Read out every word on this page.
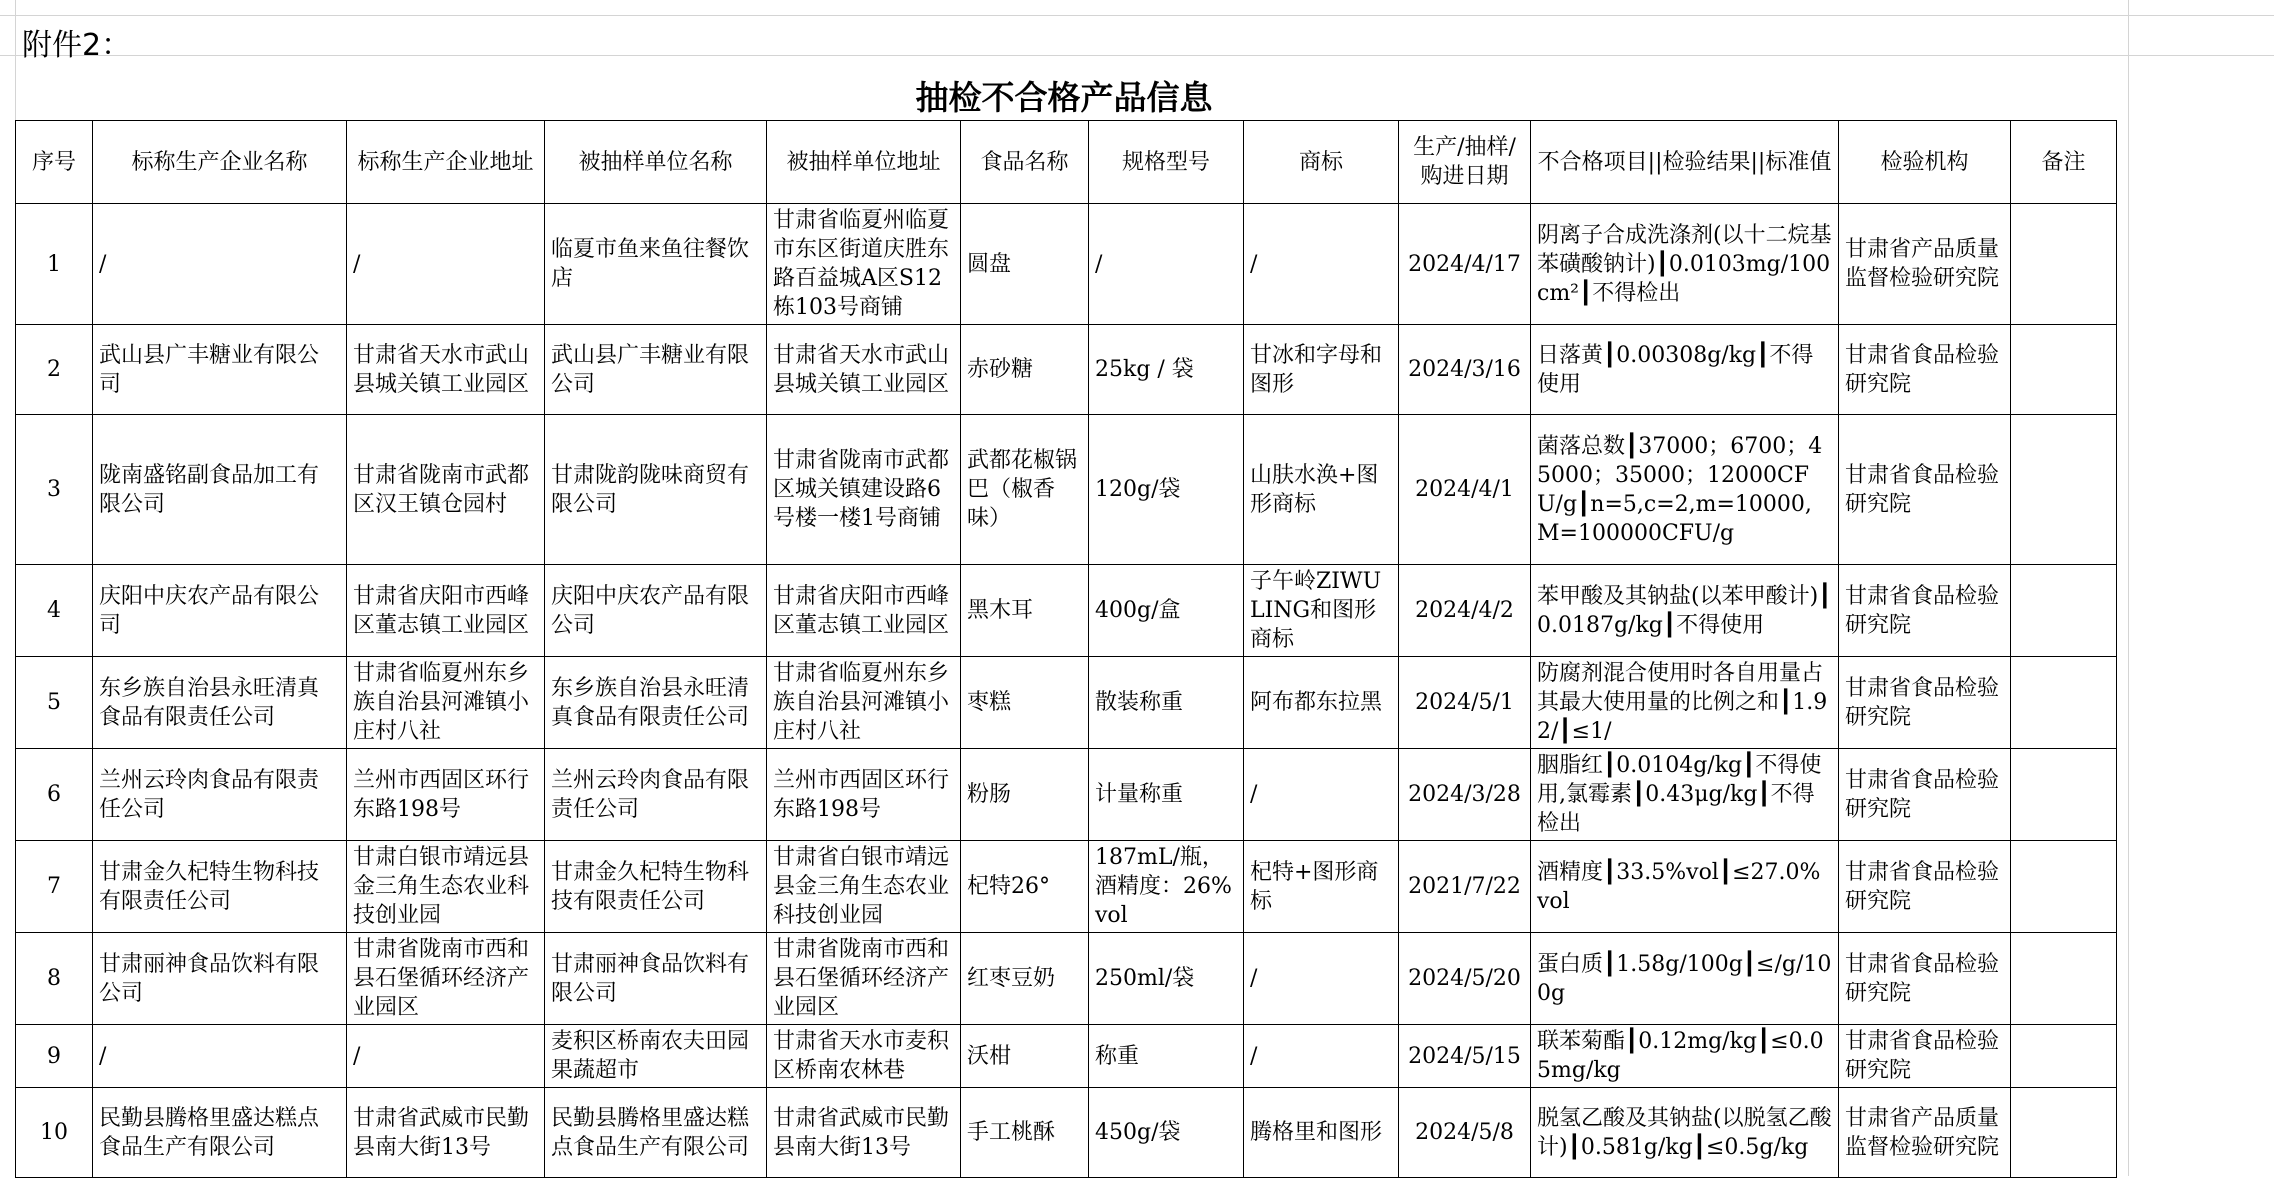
附件2：
抽检不合格产品信息
序号	标称生产企业名称	标称生产企业地址	被抽样单位名称	被抽样单位地址	食品名称	规格型号	商标	生产/抽样/购进日期	不合格项目||检验结果||标准值	检验机构	备注
1	/	/	临夏市鱼来鱼往餐饮店	甘肃省临夏州临夏市东区街道庆胜东路百益城A区S12栋103号商铺	圆盘	/	/	2024/4/17	阴离子合成洗涤剂(以十二烷基苯磺酸钠计)┃0.0103mg/100cm²┃不得检出	甘肃省产品质量监督检验研究院	
2	武山县广丰糖业有限公司	甘肃省天水市武山县城关镇工业园区	武山县广丰糖业有限公司	甘肃省天水市武山县城关镇工业园区	赤砂糖	25kg / 袋	甘冰和字母和图形	2024/3/16	日落黄┃0.00308g/kg┃不得使用	甘肃省食品检验研究院	
3	陇南盛铭副食品加工有限公司	甘肃省陇南市武都区汉王镇仓园村	甘肃陇韵陇味商贸有限公司	甘肃省陇南市武都区城关镇建设路6号楼一楼1号商铺	武都花椒锅巴（椒香味）	120g/袋	山肤水涣+图形商标	2024/4/1	菌落总数┃37000；6700；45000；35000；12000CFU/g┃n=5,c=2,m=10000,M=100000CFU/g	甘肃省食品检验研究院	
4	庆阳中庆农产品有限公司	甘肃省庆阳市西峰区董志镇工业园区	庆阳中庆农产品有限公司	甘肃省庆阳市西峰区董志镇工业园区	黑木耳	400g/盒	子午岭ZIWULING和图形商标	2024/4/2	苯甲酸及其钠盐(以苯甲酸计)┃0.0187g/kg┃不得使用	甘肃省食品检验研究院	
5	东乡族自治县永旺清真食品有限责任公司	甘肃省临夏州东乡族自治县河滩镇小庄村八社	东乡族自治县永旺清真食品有限责任公司	甘肃省临夏州东乡族自治县河滩镇小庄村八社	枣糕	散装称重	阿布都东拉黑	2024/5/1	防腐剂混合使用时各自用量占其最大使用量的比例之和┃1.92/┃≤1/	甘肃省食品检验研究院	
6	兰州云玲肉食品有限责任公司	兰州市西固区环行东路198号	兰州云玲肉食品有限责任公司	兰州市西固区环行东路198号	粉肠	计量称重	/	2024/3/28	胭脂红┃0.0104g/kg┃不得使用,氯霉素┃0.43μg/kg┃不得检出	甘肃省食品检验研究院	
7	甘肃金久杞特生物科技有限责任公司	甘肃白银市靖远县金三角生态农业科技创业园	甘肃金久杞特生物科技有限责任公司	甘肃省白银市靖远县金三角生态农业科技创业园	杞特26°	187mL/瓶，酒精度：26%vol	杞特+图形商标	2021/7/22	酒精度┃33.5%vol┃≤27.0%vol	甘肃省食品检验研究院	
8	甘肃丽神食品饮料有限公司	甘肃省陇南市西和县石堡循环经济产业园区	甘肃丽神食品饮料有限公司	甘肃省陇南市西和县石堡循环经济产业园区	红枣豆奶	250ml/袋	/	2024/5/20	蛋白质┃1.58g/100g┃≤/g/100g	甘肃省食品检验研究院	
9	/	/	麦积区桥南农夫田园果蔬超市	甘肃省天水市麦积区桥南农林巷	沃柑	称重	/	2024/5/15	联苯菊酯┃0.12mg/kg┃≤0.05mg/kg	甘肃省食品检验研究院	
10	民勤县腾格里盛达糕点食品生产有限公司	甘肃省武威市民勤县南大街13号	民勤县腾格里盛达糕点食品生产有限公司	甘肃省武威市民勤县南大街13号	手工桃酥	450g/袋	腾格里和图形	2024/5/8	脱氢乙酸及其钠盐(以脱氢乙酸计)┃0.581g/kg┃≤0.5g/kg	甘肃省产品质量监督检验研究院	
